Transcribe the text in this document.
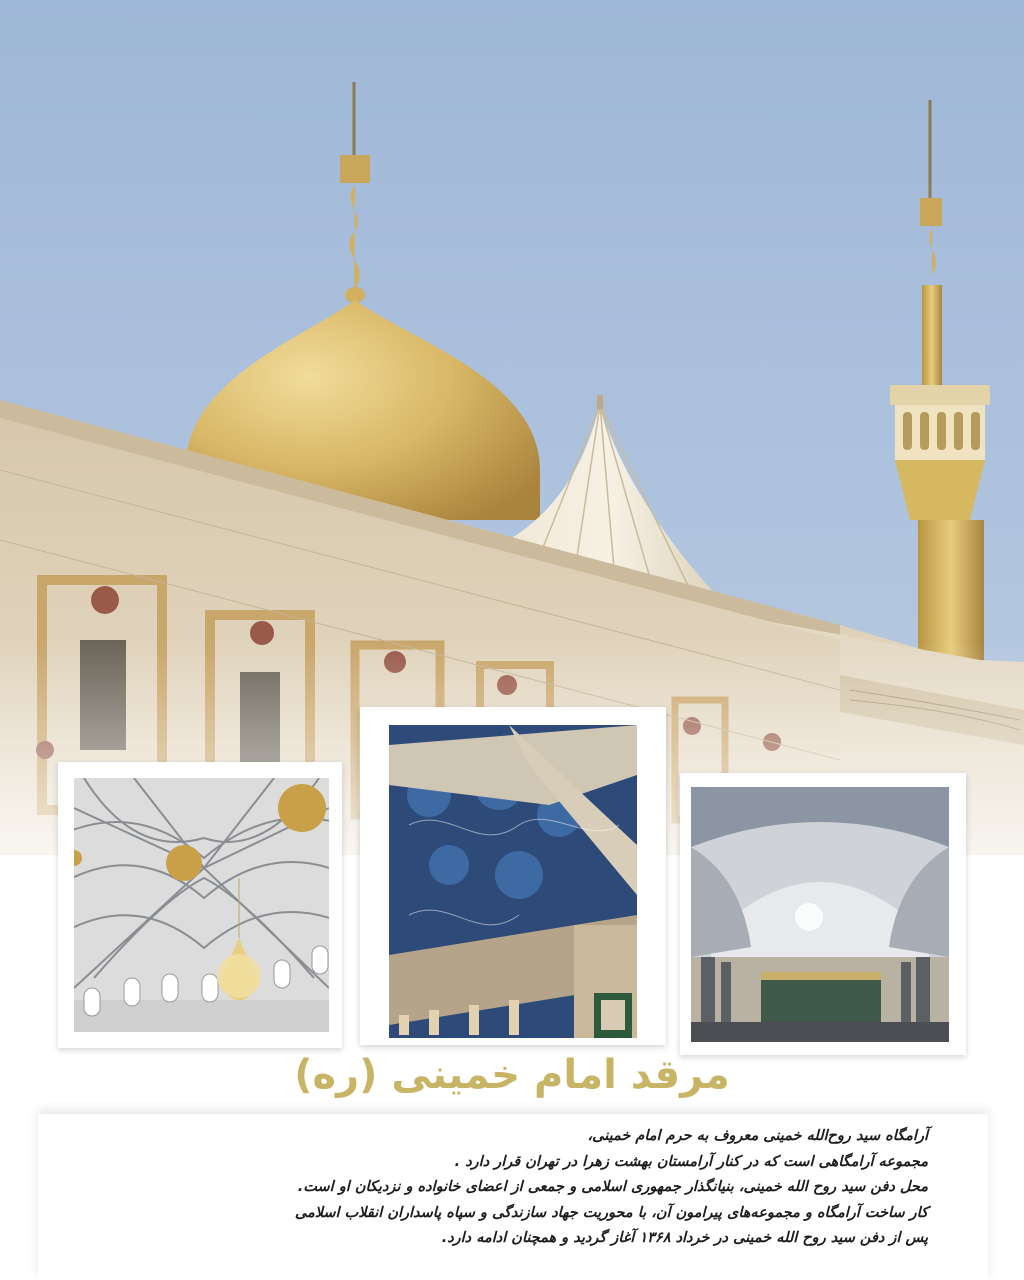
مرقد امام خمینی (ره)

آرامگاه سید روح‌الله خمینی معروف به حرم امام خمینی،
مجموعه آرامگاهی است که در کنار آرامستان بهشت زهرا در تهران قرار دارد .
محل دفن سید روح الله خمینی، بنیانگذار جمهوری اسلامی و جمعی از اعضای خانواده و نزدیکان او است.
کار ساخت آرامگاه و مجموعه‌های پیرامون آن، با محوریت جهاد سازندگی و سپاه پاسداران انقلاب اسلامی
پس از دفن سید روح الله خمینی در خرداد ۱۳۶۸ آغاز گردید و همچنان ادامه دارد.
